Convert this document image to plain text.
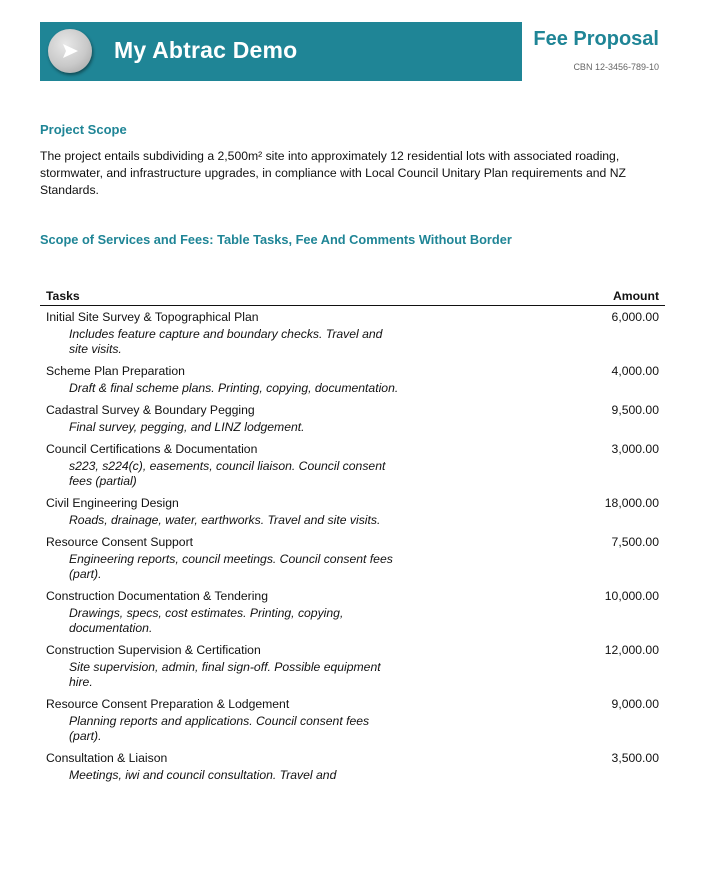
My Abtrac Demo	Fee Proposal
CBN 12-3456-789-10
Project Scope
The project entails subdividing a 2,500m² site into approximately 12 residential lots with associated roading, stormwater, and infrastructure upgrades, in compliance with Local Council Unitary Plan requirements and NZ Standards.
Scope of Services and Fees: Table Tasks, Fee And Comments Without Border
Tasks	Amount
Initial Site Survey & Topographical Plan	6,000.00

Includes feature capture and boundary checks. Travel and site visits.	

Scheme Plan Preparation	4,000.00

Draft & final scheme plans. Printing, copying, documentation.	

Cadastral Survey & Boundary Pegging	9,500.00

Final survey, pegging, and LINZ lodgement.	

Council Certifications & Documentation	3,000.00

s223, s224(c), easements, council liaison. Council consent fees (partial)	

Civil Engineering Design	18,000.00

Roads, drainage, water, earthworks. Travel and site visits.	

Resource Consent Support	7,500.00

Engineering reports, council meetings. Council consent fees (part).	

Construction Documentation & Tendering	10,000.00

Drawings, specs, cost estimates. Printing, copying, documentation.	

Construction Supervision & Certification	12,000.00

Site supervision, admin, final sign-off. Possible equipment hire.	

Resource Consent Preparation & Lodgement	9,000.00

Planning reports and applications. Council consent fees (part).	

Consultation & Liaison	3,500.00

Meetings, iwi and council consultation. Travel and	
